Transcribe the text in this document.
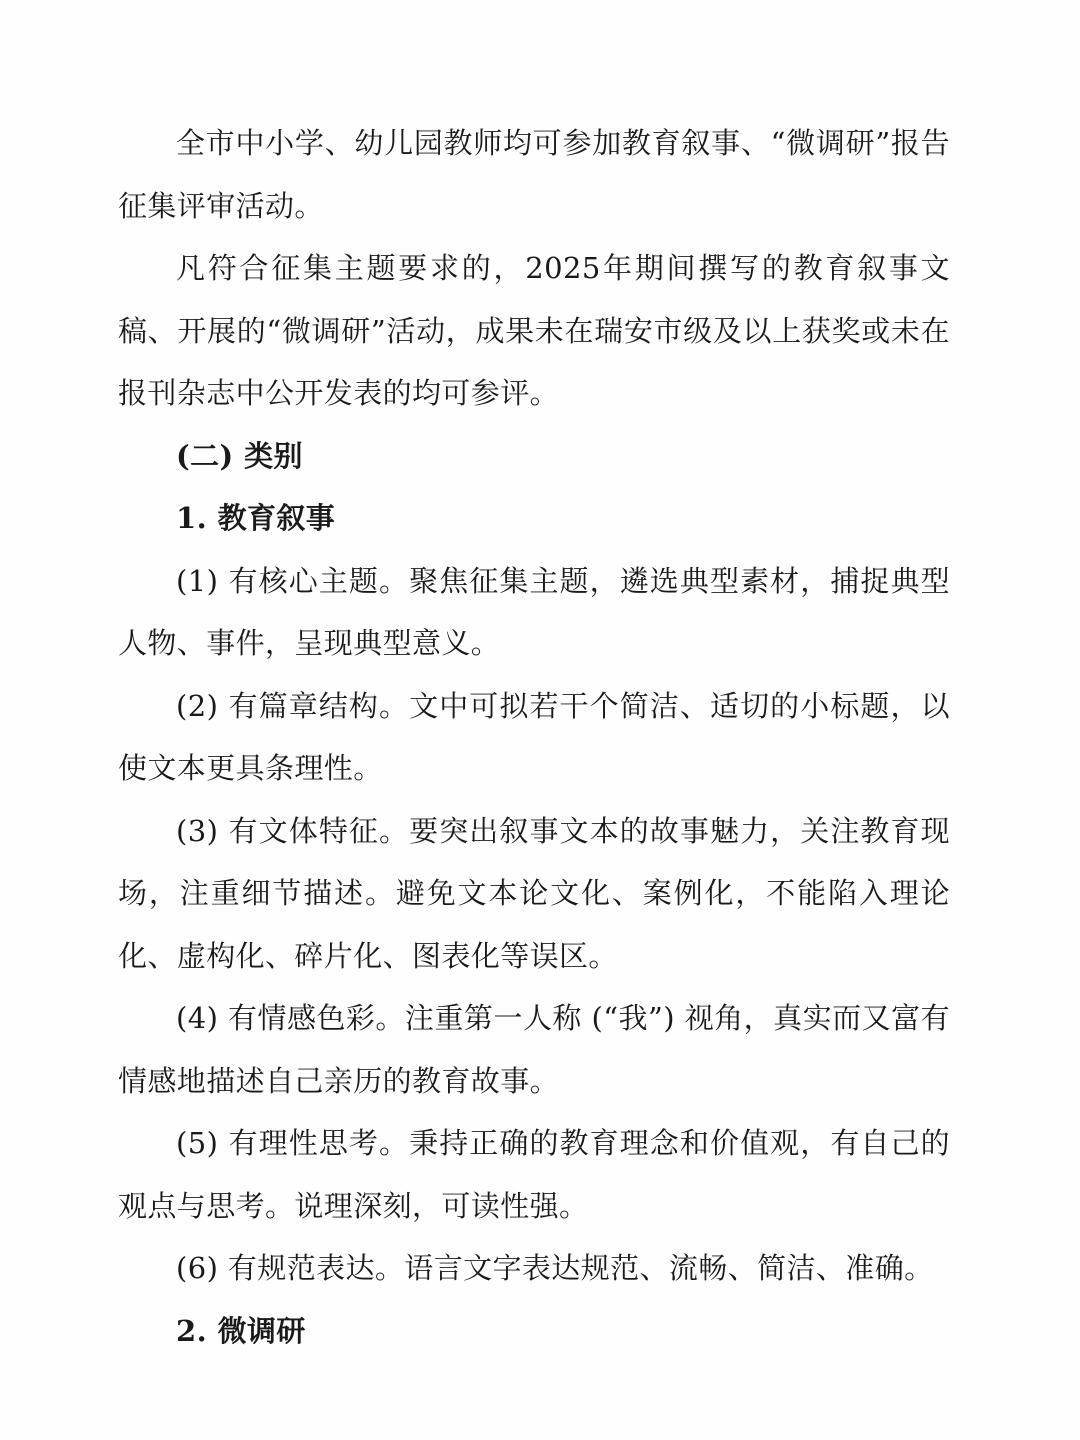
全市中小学、幼儿园教师均可参加教育叙事、“微调研”报告征集评审活动。

凡符合征集主题要求的，2025年期间撰写的教育叙事文稿、开展的“微调研”活动，成果未在瑞安市级及以上获奖或未在报刊杂志中公开发表的均可参评。

(二) 类别

1. 教育叙事

(1) 有核心主题。聚焦征集主题，遴选典型素材，捕捉典型人物、事件，呈现典型意义。

(2) 有篇章结构。文中可拟若干个简洁、适切的小标题，以使文本更具条理性。

(3) 有文体特征。要突出叙事文本的故事魅力，关注教育现场，注重细节描述。避免文本论文化、案例化，不能陷入理论化、虚构化、碎片化、图表化等误区。

(4) 有情感色彩。注重第一人称 (“我”) 视角，真实而又富有情感地描述自己亲历的教育故事。

(5) 有理性思考。秉持正确的教育理念和价值观，有自己的观点与思考。说理深刻，可读性强。

(6) 有规范表达。语言文字表达规范、流畅、简洁、准确。

2. 微调研
